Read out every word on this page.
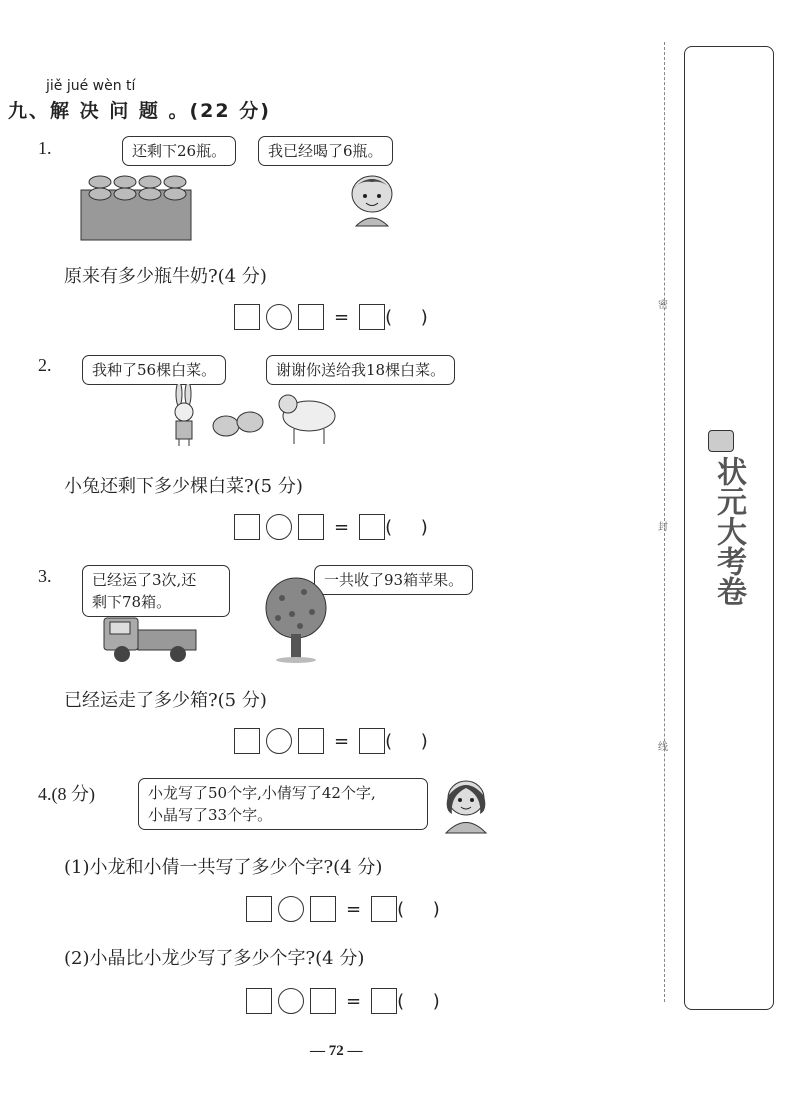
jiě jué wèn tí
九、解 决 问 题 。(22 分)
1.	还剩下26瓶。	我已经喝了6瓶。
原来有多少瓶牛奶?(4 分)
= (     )
2.	我种了56棵白菜。	谢谢你送给我18棵白菜。
小兔还剩下多少棵白菜?(5 分)
= (     )
3.	已经运了3次,还
剩下78箱。
一共收了93箱苹果。
已经运走了多少箱?(5 分)
= (     )
4.(8 分)	小龙写了50个字,小倩写了42个字,
小晶写了33个字。
(1)小龙和小倩一共写了多少个字?(4 分)
= (     )
(2)小晶比小龙少写了多少个字?(4 分)
= (     )
— 72 —
密
封
线
状元大考卷
